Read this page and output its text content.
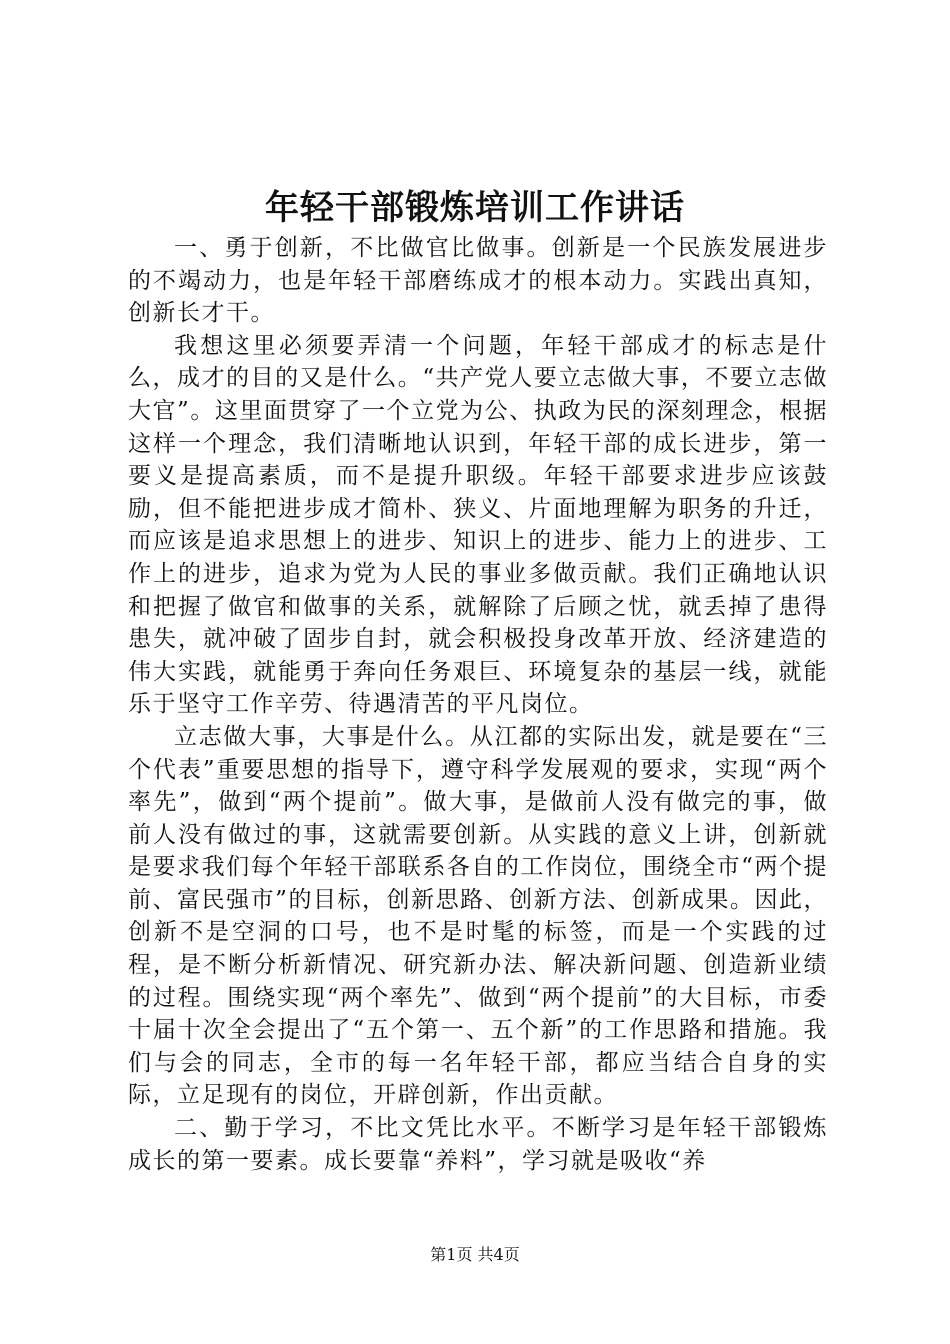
年轻干部锻炼培训工作讲话

一、勇于创新，不比做官比做事。创新是一个民族发展进步的不竭动力，也是年轻干部磨练成才的根本动力。实践出真知，创新长才干。

我想这里必须要弄清一个问题，年轻干部成才的标志是什么，成才的目的又是什么。“共产党人要立志做大事，不要立志做大官”。这里面贯穿了一个立党为公、执政为民的深刻理念，根据这样一个理念，我们清晰地认识到，年轻干部的成长进步，第一要义是提高素质，而不是提升职级。年轻干部要求进步应该鼓励，但不能把进步成才简朴、狭义、片面地理解为职务的升迁，而应该是追求思想上的进步、知识上的进步、能力上的进步、工作上的进步，追求为党为人民的事业多做贡献。我们正确地认识和把握了做官和做事的关系，就解除了后顾之忧，就丢掉了患得患失，就冲破了固步自封，就会积极投身改革开放、经济建造的伟大实践，就能勇于奔向任务艰巨、环境复杂的基层一线，就能乐于坚守工作辛劳、待遇清苦的平凡岗位。

立志做大事，大事是什么。从江都的实际出发，就是要在“三个代表”重要思想的指导下，遵守科学发展观的要求，实现“两个率先”，做到“两个提前”。做大事，是做前人没有做完的事，做前人没有做过的事，这就需要创新。从实践的意义上讲，创新就是要求我们每个年轻干部联系各自的工作岗位，围绕全市“两个提前、富民强市”的目标，创新思路、创新方法、创新成果。因此，创新不是空洞的口号，也不是时髦的标签，而是一个实践的过程，是不断分析新情况、研究新办法、解决新问题、创造新业绩的过程。围绕实现“两个率先”、做到“两个提前”的大目标，市委十届十次全会提出了“五个第一、五个新”的工作思路和措施。我们与会的同志，全市的每一名年轻干部，都应当结合自身的实际，立足现有的岗位，开辟创新，作出贡献。

二、勤于学习，不比文凭比水平。不断学习是年轻干部锻炼成长的第一要素。成长要靠“养料”，学习就是吸收“养

第1页 共4页
